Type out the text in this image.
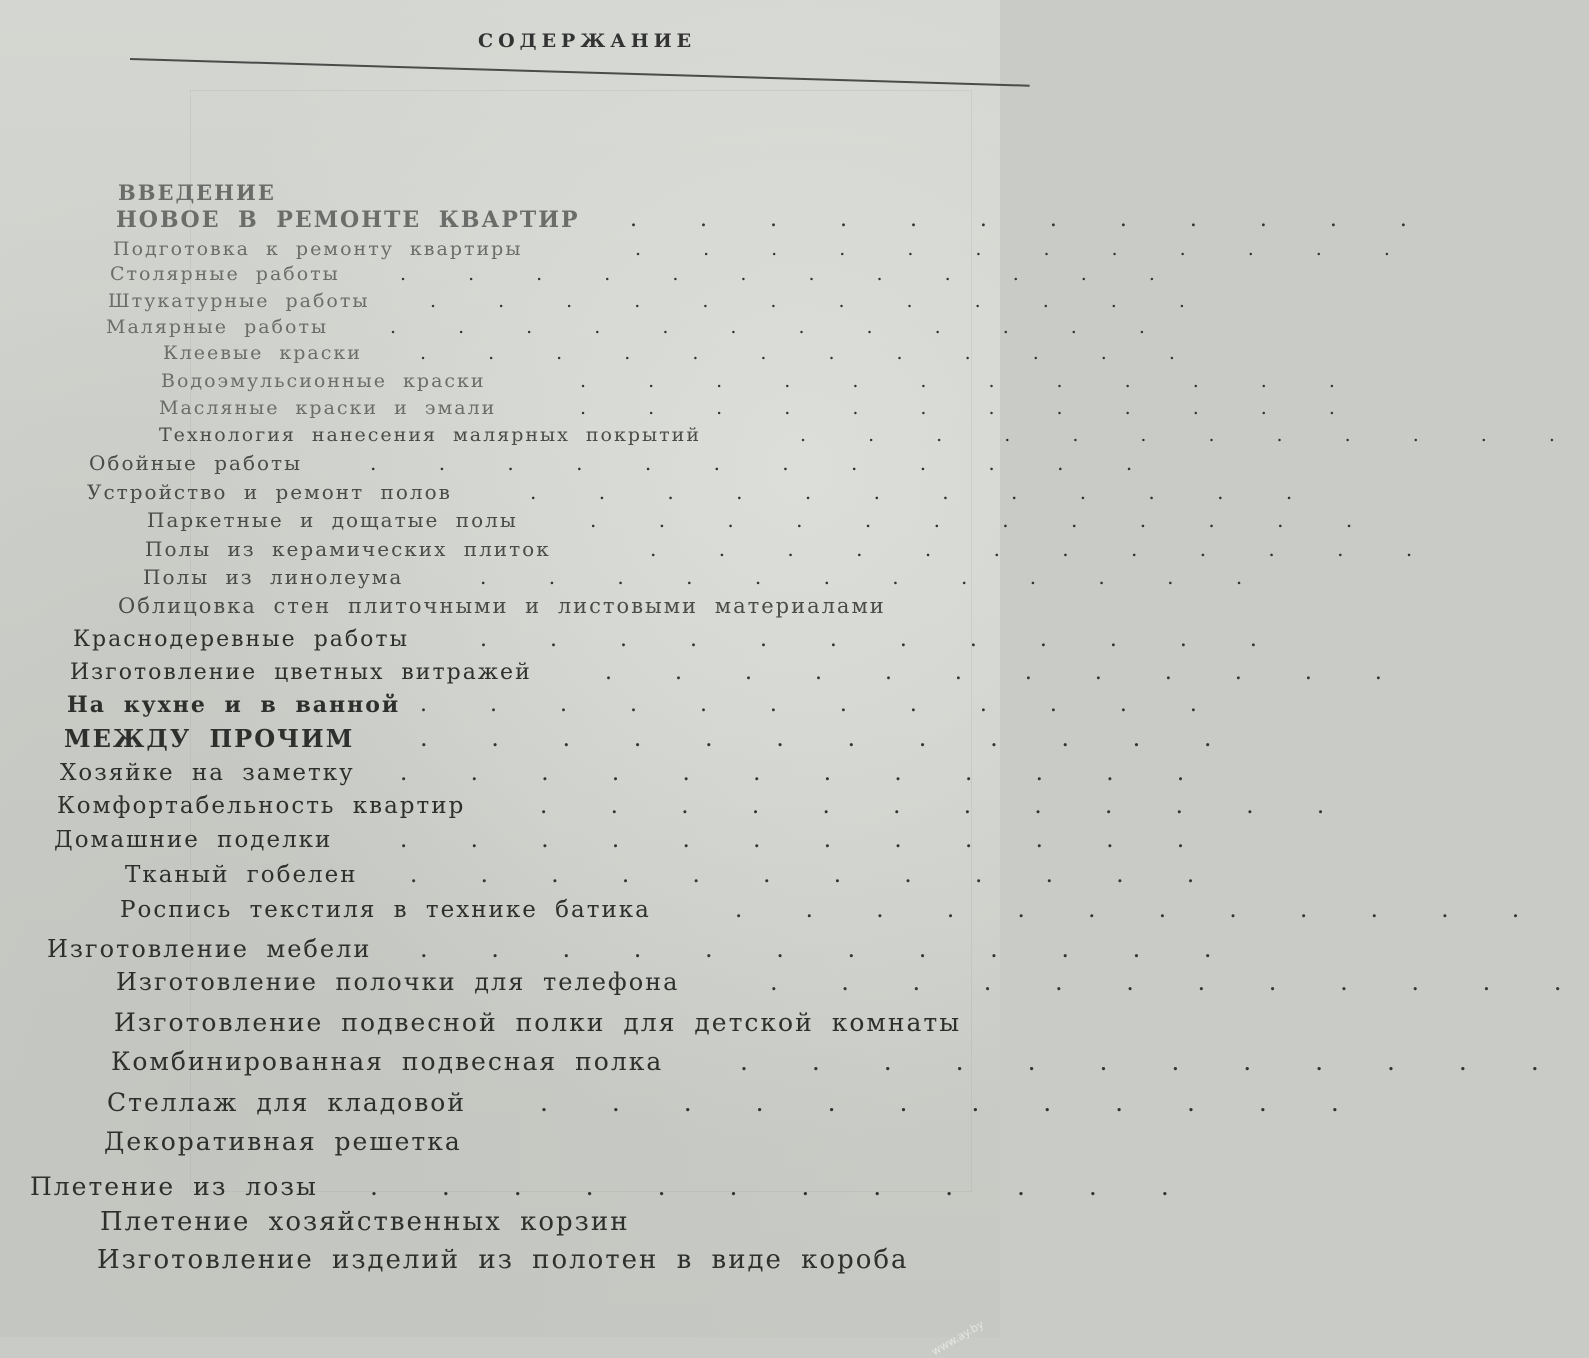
СОДЕРЖАНИЕ
ВВЕДЕНИЕ
НОВОЕ В РЕМОНТЕ КВАРТИР . . . . . . . . . . . .
Подготовка к ремонту квартиры	. . . . . . . . . . . .
Столярные работы	. . . . . . . . . . . .
Штукатурные работы	. . . . . . . . . . . .
Малярные работы	. . . . . . . . . . . .
Клеевые краски	. . . . . . . . . . . .
Водоэмульсионные краски	. . . . . . . . . . . .
Масляные краски и эмали	. . . . . . . . . . . .
Технология нанесения малярных покрытий	. . . . . . . . . . . .
Обойные работы	. . . . . . . . . . . .
Устройство и ремонт полов	. . . . . . . . . . . .
Паркетные и дощатые полы	. . . . . . . . . . . .
Полы из керамических плиток	. . . . . . . . . . . .
Полы из линолеума	. . . . . . . . . . . .
Облицовка стен плиточными и листовыми материалами
Краснодеревные работы	. . . . . . . . . . . .
Изготовление цветных витражей	. . . . . . . . . . . .
На кухне и в ванной . . . . . . . . . . . .
МЕЖДУ ПРОЧИМ	. . . . . . . . . . . .
Хозяйке на заметку . . . . . . . . . . . .
Комфортабельность квартир	. . . . . . . . . . . .
Домашние поделки	. . . . . . . . . . . .
Тканый гобелен . . . . . . . . . . . .
Роспись текстиля в технике батика	. . . . . . . . . . . .
Изготовление мебели . . . . . . . . . . . .
Изготовление полочки для телефона	. . . . . . . . . . . .
Изготовление подвесной полки для детской комнаты
Комбинированная подвесная полка	. . . . . . . . . . . .
Стеллаж для кладовой	. . . . . . . . . . . .
Декоративная решетка
Плетение из лозы . . . . . . . . . . . .
Плетение хозяйственных корзин
Изготовление изделий из полотен в виде короба
www.ay.by
